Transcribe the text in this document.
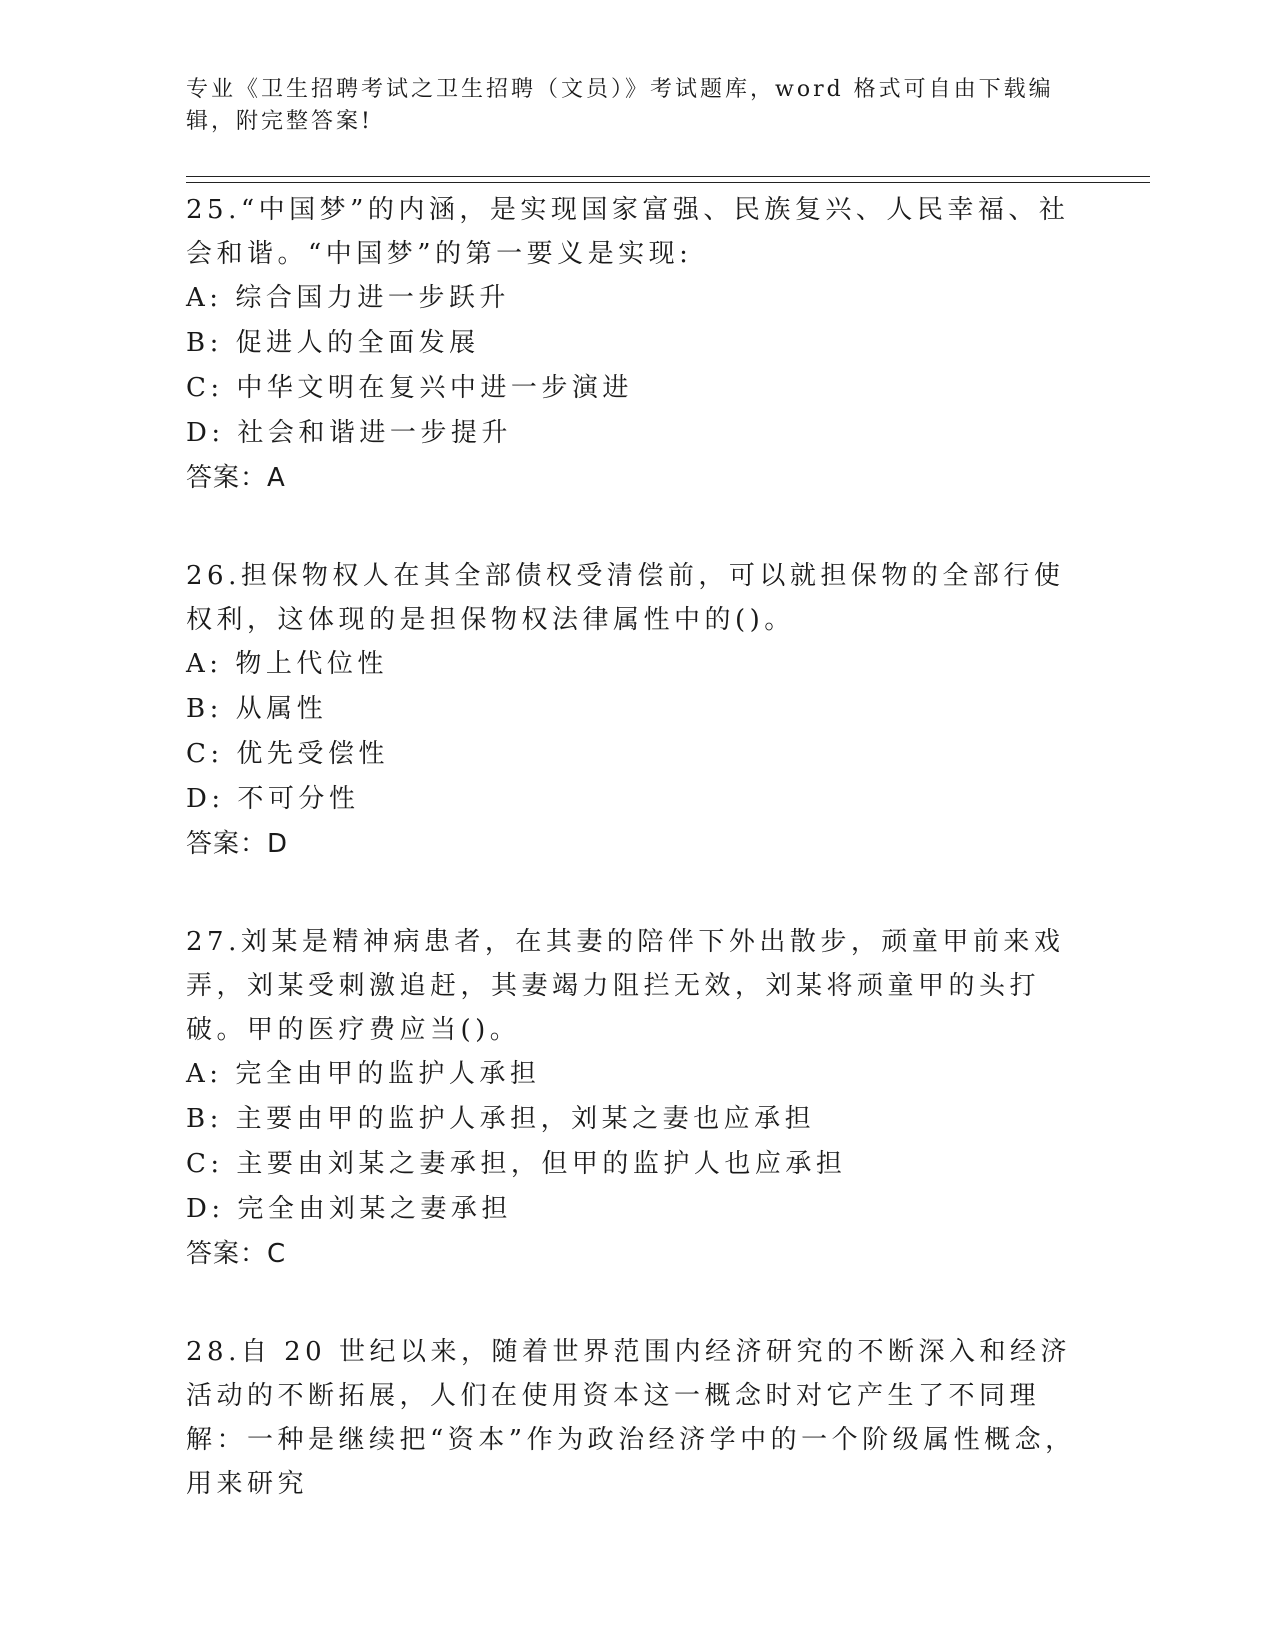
专业《卫生招聘考试之卫生招聘（文员）》考试题库，word 格式可自由下载编辑，附完整答案!

25.“中国梦”的内涵，是实现国家富强、民族复兴、人民幸福、社会和谐。“中国梦”的第一要义是实现:

A: 综合国力进一步跃升

B: 促进人的全面发展

C: 中华文明在复兴中进一步演进

D: 社会和谐进一步提升

答案：A

26.担保物权人在其全部债权受清偿前，可以就担保物的全部行使权利，这体现的是担保物权法律属性中的()。

A: 物上代位性

B: 从属性

C: 优先受偿性

D: 不可分性

答案：D

27.刘某是精神病患者，在其妻的陪伴下外出散步，顽童甲前来戏弄，刘某受刺激追赶，其妻竭力阻拦无效，刘某将顽童甲的头打破。甲的医疗费应当()。

A: 完全由甲的监护人承担

B: 主要由甲的监护人承担，刘某之妻也应承担

C: 主要由刘某之妻承担，但甲的监护人也应承担

D: 完全由刘某之妻承担

答案：C

28.自 20 世纪以来，随着世界范围内经济研究的不断深入和经济活动的不断拓展，人们在使用资本这一概念时对它产生了不同理解：一种是继续把“资本”作为政治经济学中的一个阶级属性概念，用来研究
